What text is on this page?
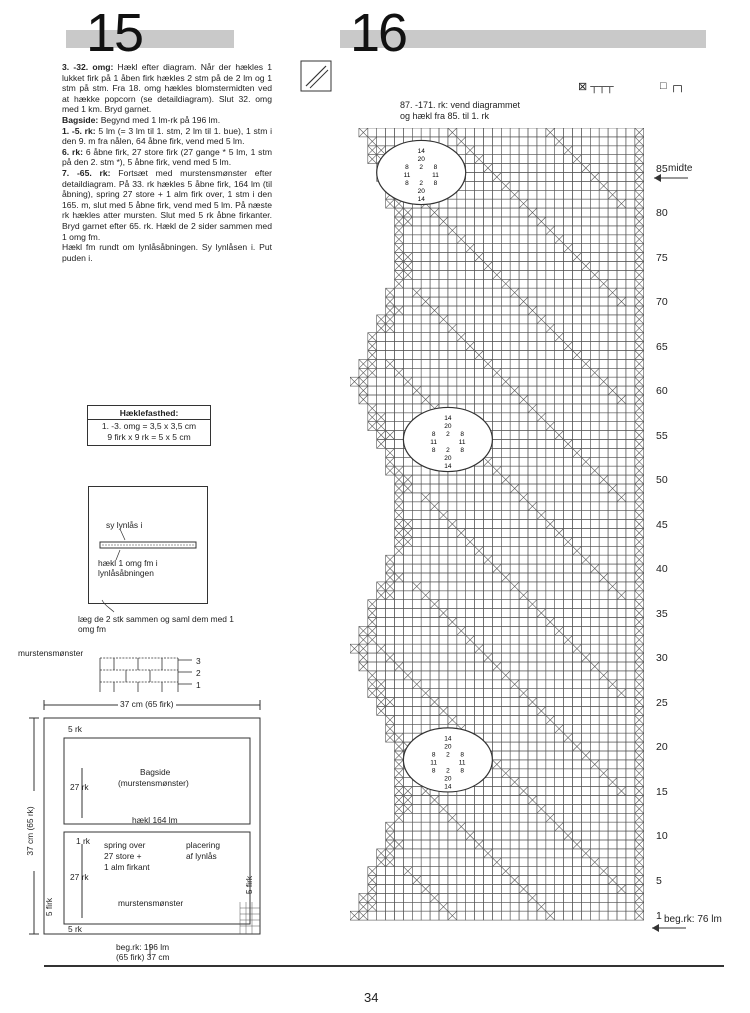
15

3. -32. omg: Hækl efter diagram. Når der hækles 1 lukket firk på 1 åben firk hækles 2 stm på de 2 lm og 1 stm på stm. Fra 18. omg hækles blomstermidten ved at hække popcorn (se detaildiagram). Slut 32. omg med 1 km. Bryd garnet.

Bagside: Begynd med 1 lm-rk på 196 lm.

1. -5. rk: 5 lm (= 3 lm til 1. stm, 2 lm til 1. bue), 1 stm i den 9. m fra nålen, 64 åbne firk, vend med 5 lm.

6. rk: 6 åbne firk, 27 store firk (27 gange * 5 lm, 1 stm på den 2. stm *), 5 åbne firk, vend med 5 lm.

7. -65. rk: Fortsæt med murstensmønster efter detaildiagram. På 33. rk hækles 5 åbne firk, 164 lm (til åbning), spring 27 store + 1 alm firk over, 1 stm i den 165. m, slut med 5 åbne firk, vend med 5 lm. På næste rk hækles atter mursten. Slut med 5 rk åbne firkanter. Bryd garnet efter 65. rk. Hækl de 2 sider sammen med 1 omg fm.

Hækl fm rundt om lynlåsåbningen. Sy lynlåsen i. Put puden i.

Hæklefasthed:
1. -3. omg = 3,5 x 3,5 cm
9 firk x 9 rk = 5 x 5 cm
sy lynlås i
hækl 1 omg fm i lynlåsåbningen
læg de 2 stk sammen og saml dem med 1 omg fm
murstensmønster
3
2
1
37 cm (65 firk)
37 cm (65 rk)
5 rk
Bagside
(murstensmønster)
27 rk
hækl 164 lm
1 rk spring over
27 store +
1 alm firkant
placering
af lynlås
27 rk
murstensmønster
5 rk
5 firk
5 firk
beg.rk: 196 lm
(65 firk) 37 cm
16
⊠ ┬┬┬	□ ┌┐
87. -171. rk: vend diagrammet
og hækl fra 85. til 1. rk
14
20
8 2 8
11	11
8 2 8
20
14
14
20
8 2 8
11	11
8 2 8
20
14
14
20
8 2 8
11	11
8 2 8
20
14
midte
beg.rk: 76 lm
85
80
75
70
65
60
55
50
45
40
35
30
25
20
15
10
5
1
34
